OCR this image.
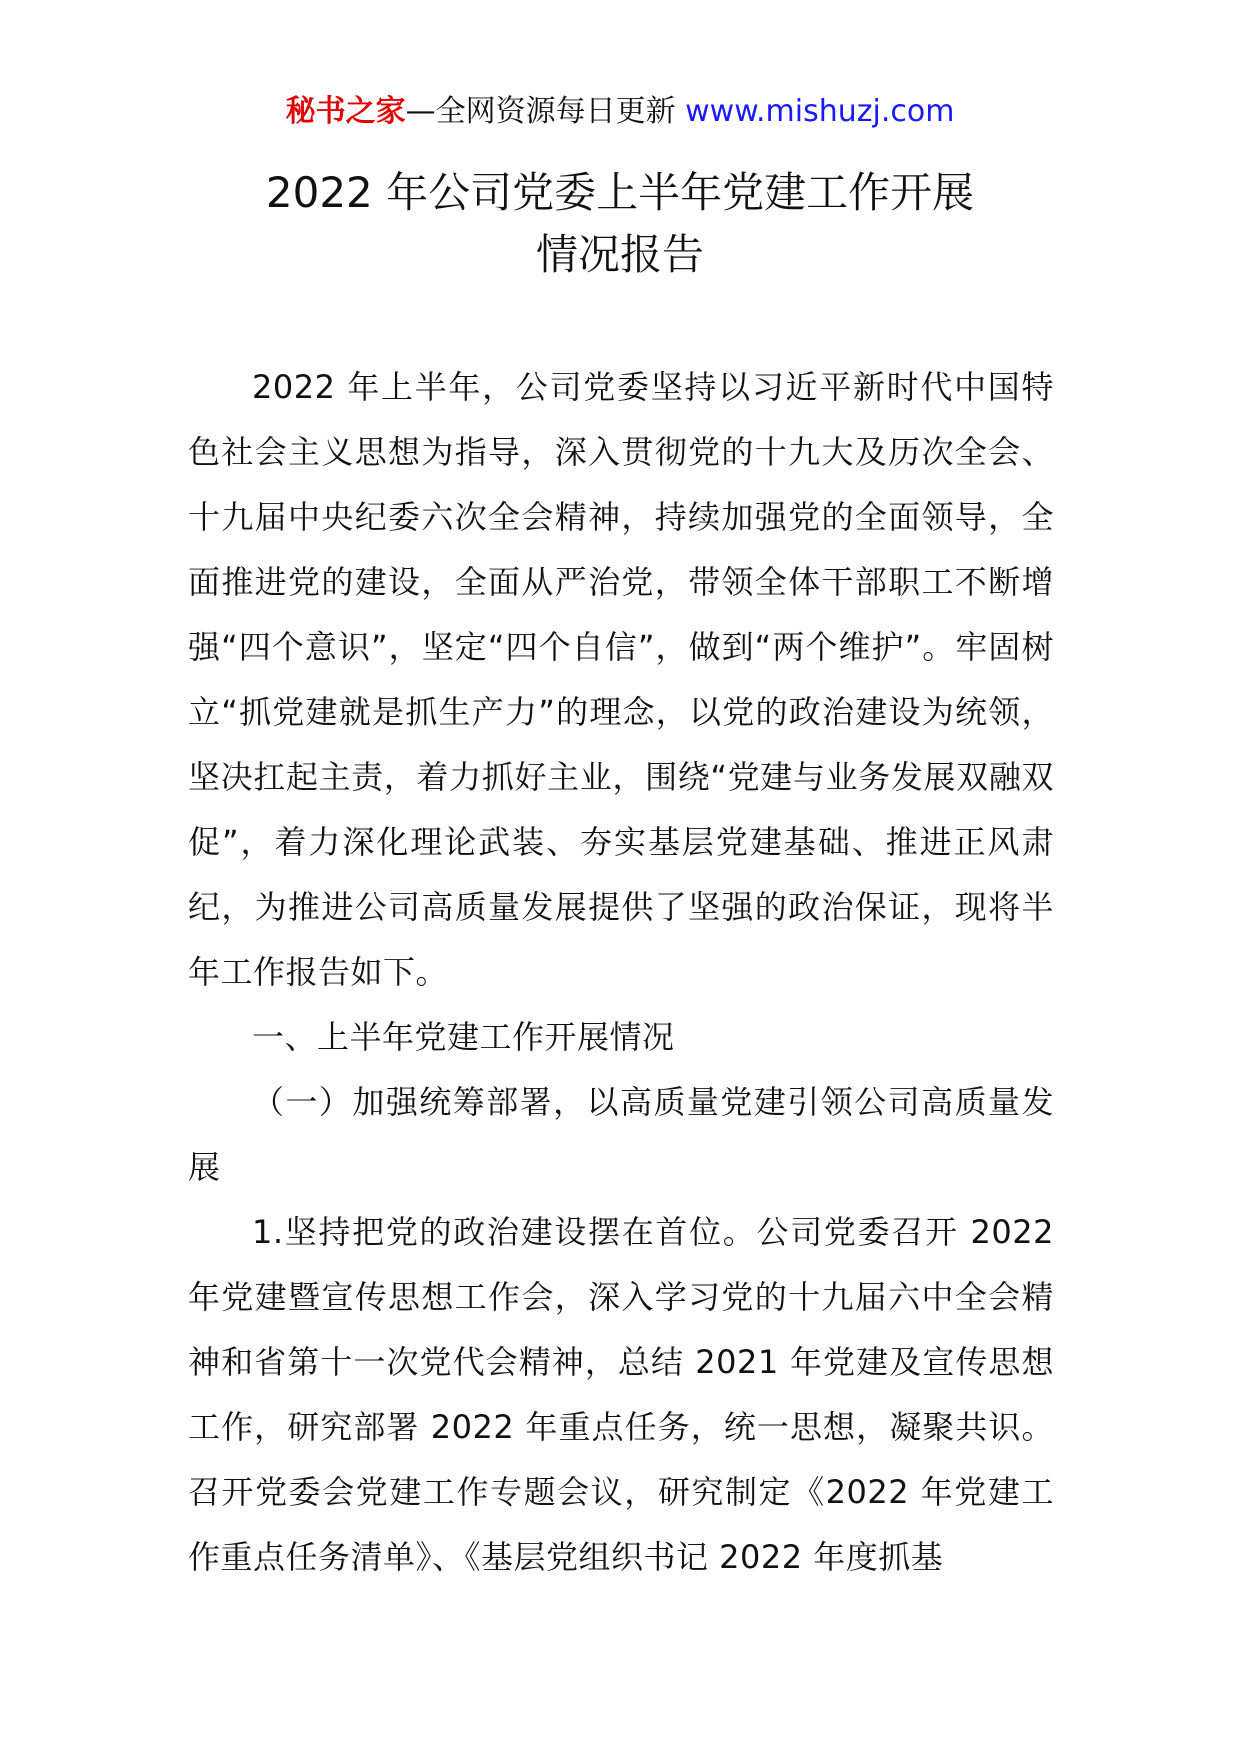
秘书之家—全网资源每日更新 www.mishuzj.com
2022 年公司党委上半年党建工作开展
情况报告

2022 年上半年，公司党委坚持以习近平新时代中国特色社会主义思想为指导，深入贯彻党的十九大及历次全会、十九届中央纪委六次全会精神，持续加强党的全面领导，全面推进党的建设，全面从严治党，带领全体干部职工不断增强“四个意识”，坚定“四个自信”，做到“两个维护”。牢固树立“抓党建就是抓生产力”的理念，以党的政治建设为统领，坚决扛起主责，着力抓好主业，围绕“党建与业务发展双融双促”，着力深化理论武装、夯实基层党建基础、推进正风肃纪，为推进公司高质量发展提供了坚强的政治保证，现将半年工作报告如下。

一、上半年党建工作开展情况

（一）加强统筹部署，以高质量党建引领公司高质量发展

1.坚持把党的政治建设摆在首位。公司党委召开 2022 年党建暨宣传思想工作会，深入学习党的十九届六中全会精神和省第十一次党代会精神，总结 2021 年党建及宣传思想工作，研究部署 2022 年重点任务，统一思想，凝聚共识。召开党委会党建工作专题会议，研究制定《2022 年党建工作重点任务清单》、《基层党组织书记 2022 年度抓基
